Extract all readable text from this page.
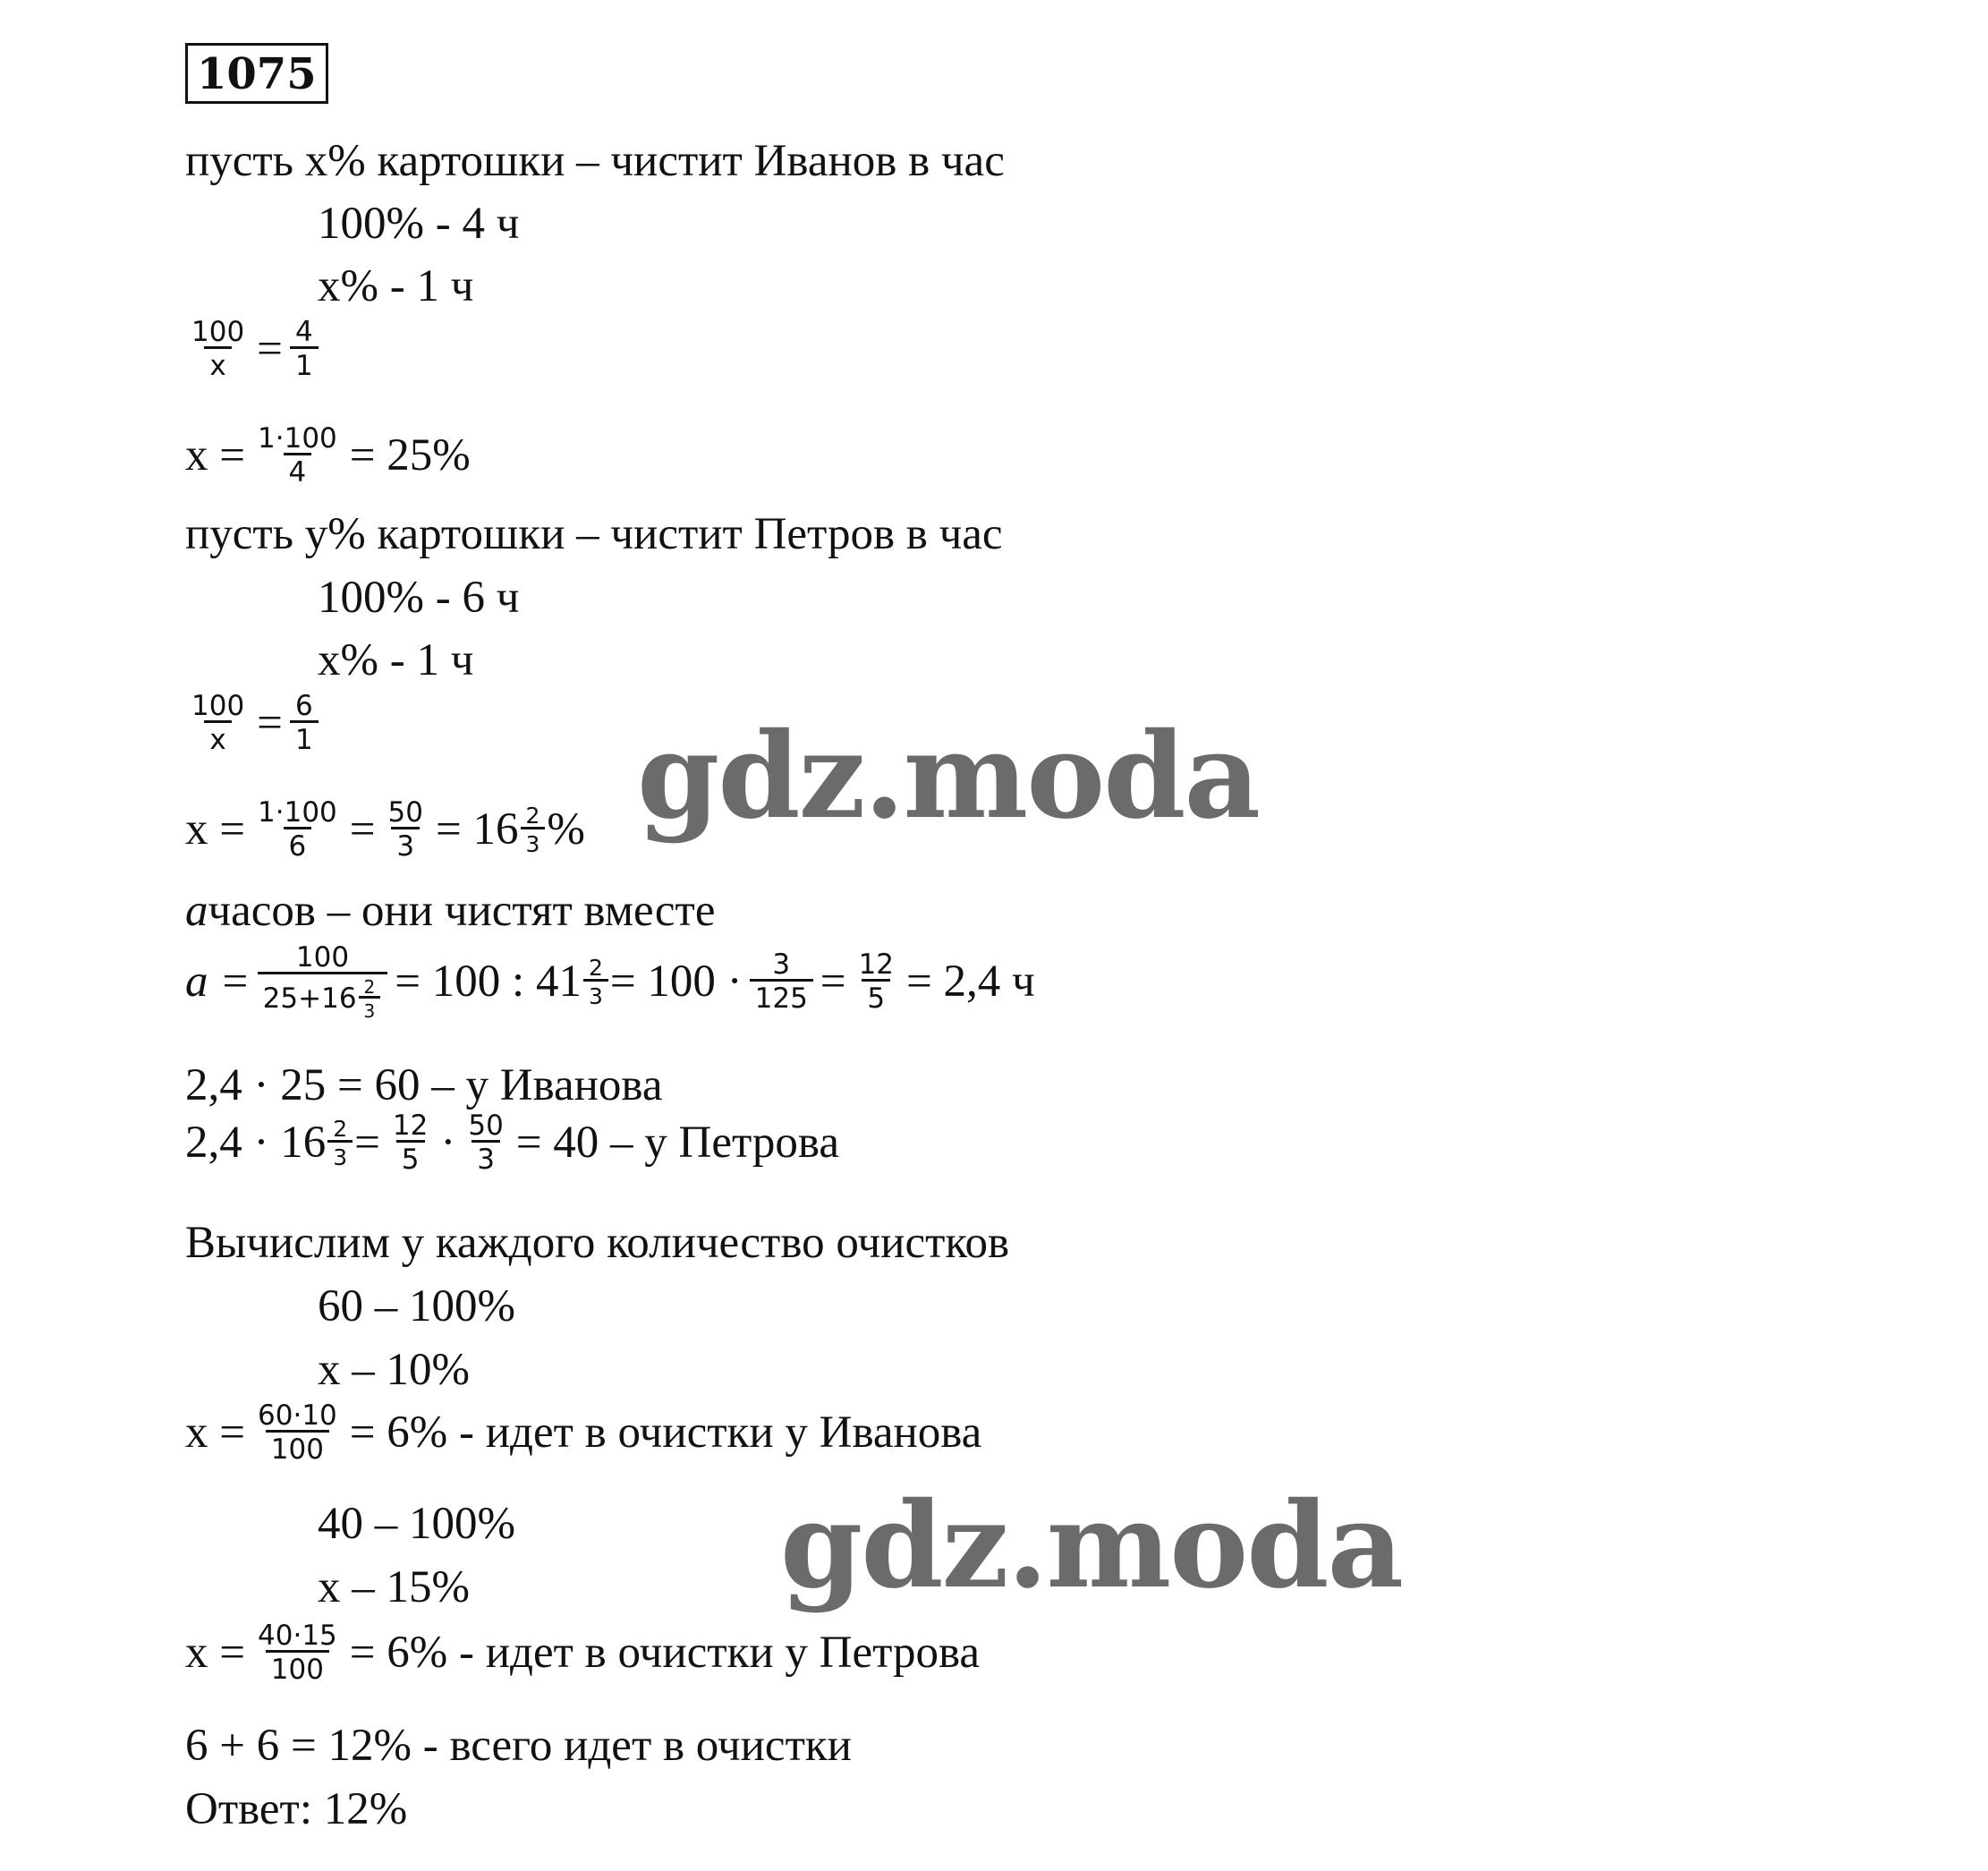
1075
пусть х% картошки – чистит Иванов в час
100% - 4 ч
х% - 1 ч
$\frac{100}{х} = \frac{4}{1}$
$х = \frac{1\cdot 100}{4} = 25\%$
пусть у% картошки – чистит Петров в час
100% - 6 ч
х% - 1 ч
$\frac{100}{х} = \frac{6}{1}$
$х = \frac{1\cdot 100}{6} = \frac{50}{3} = 16 \frac{2}{3}$ %
a часов – они чистят вместе
$a = \frac{100}{25+16 \frac{2}{3}} = 100$ : $41 \frac{2}{3} = 100 \cdot \frac{3}{125} = \frac{12}{5} = 2,4$ ч
2,4 · 25 = 60 – у Иванова
$2,4 \cdot 16 \frac{2}{3} = \frac{12}{5} \cdot \frac{50}{3} = 40 - у$ Петрова
Вычислим у каждого количество очистков
60 – 100%
х – 10%
$х = \frac{60\cdot 10}{100} = 6\%$ - идет в очистки у Иванова
40 – 100%
х – 15%
$х = \frac{40\cdot 15}{100} = 6\%$ - идет в очистки у Петрова
6 + 6 = 12% - всего идет в очистки
Ответ: 12%
gdz.moda
gdz.moda
